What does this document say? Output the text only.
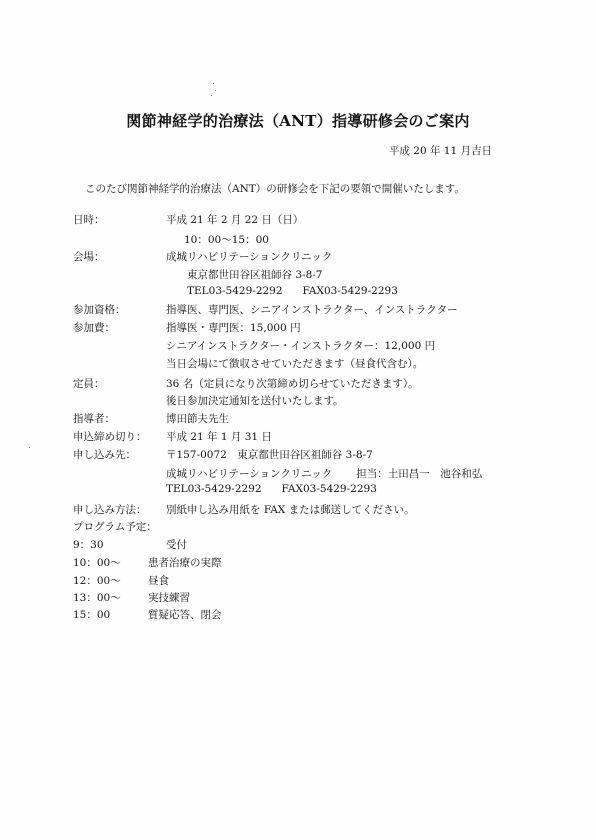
関節神経学的治療法（ANT）指導研修会のご案内
平成 20 年 11 月吉日
このたび関節神経学的治療法（ANT）の研修会を下記の要領で開催いたします。
日時：	平成 21 年 2 月 22 日（日）
10：00〜15：00
会場：	成城リハビリテーションクリニック
東京都世田谷区祖師谷 3-8-7
TEL03-5429-2292 FAX03-5429-2293
参加資格：	指導医、専門医、シニアインストラクター、インストラクター
参加費：	指導医・専門医：15,000 円
シニアインストラクター・インストラクター：12,000 円
当日会場にて徴収させていただきます（昼食代含む）。
定員：	36 名（定員になり次第締め切らせていただきます）。
後日参加決定通知を送付いたします。
指導者：	博田節夫先生
申込締め切り： 平成 21 年 1 月 31 日
申し込み先：	〒157-0072　東京都世田谷区祖師谷 3-8-7
成城リハビリテーションクリニック 担当：土田昌一　池谷和弘
TEL03-5429-2292 FAX03-5429-2293
申し込み方法： 別紙申し込み用紙を FAX または郵送してください。
プログラム予定：
9：30	受付
10：00〜	患者治療の実際
12：00〜	昼食
13：00〜	実技練習
15：00	質疑応答、閉会
